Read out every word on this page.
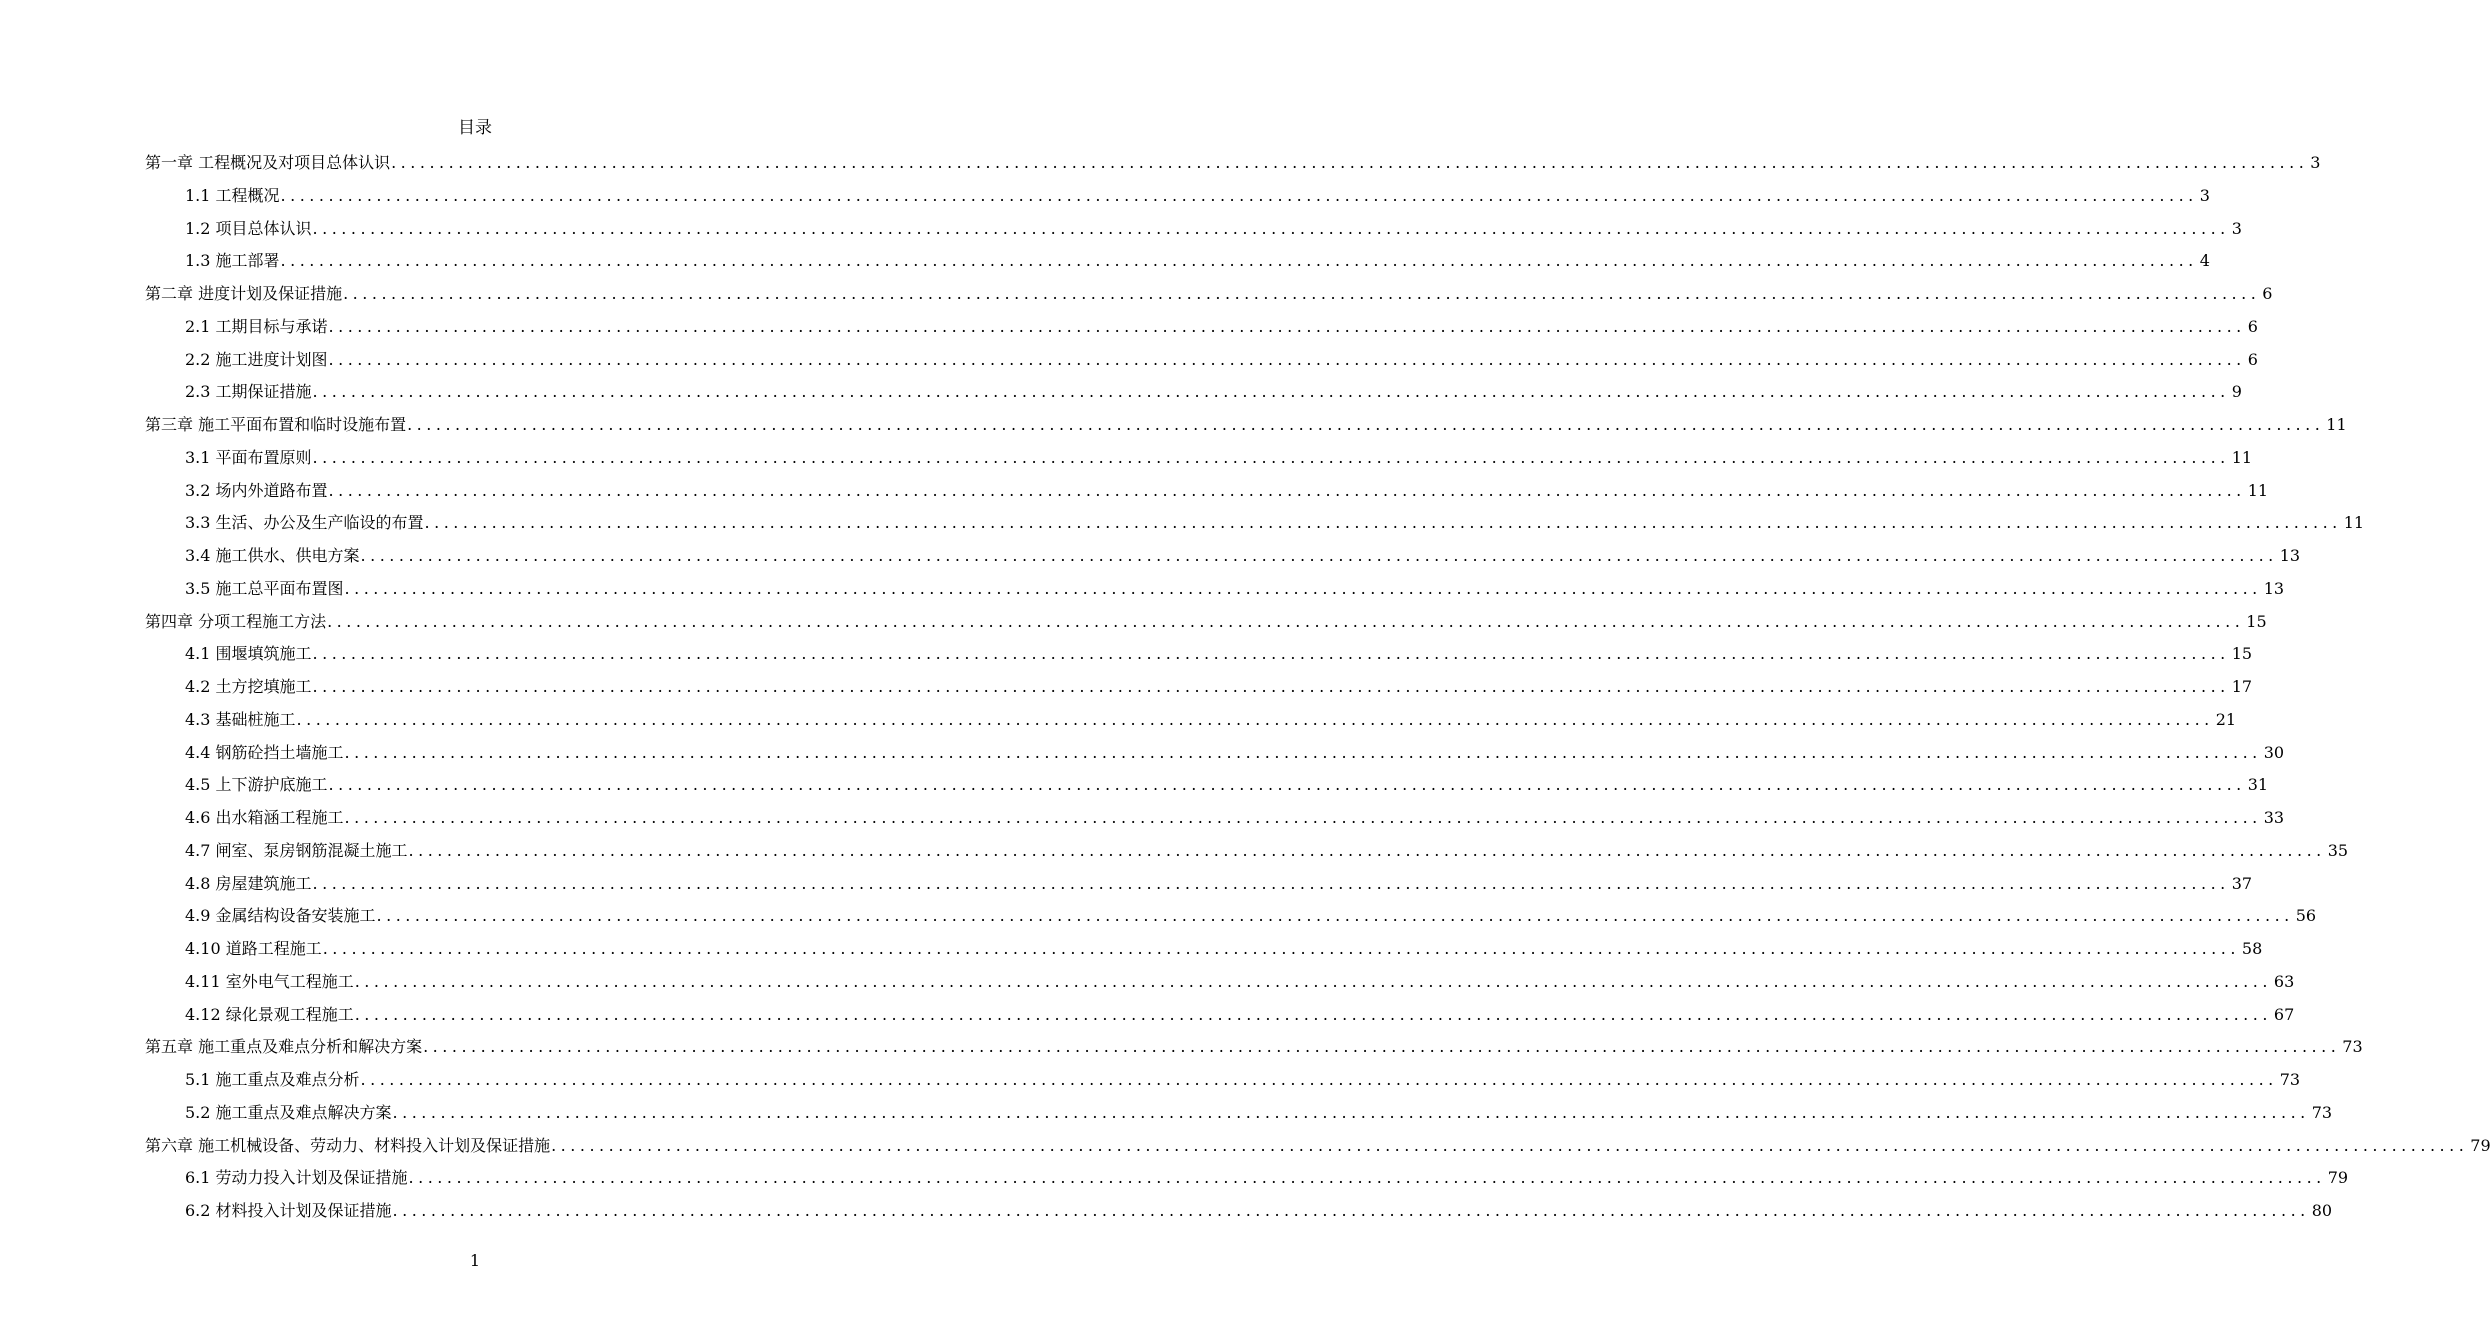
目录
第一章 工程概况及对项目总体认识 ........................................................................................................................................................................................................ 3
1.1 工程概况 ........................................................................................................................................................................................................ 3
1.2 项目总体认识 ........................................................................................................................................................................................................ 3
1.3 施工部署 ........................................................................................................................................................................................................ 4
第二章 进度计划及保证措施 ........................................................................................................................................................................................................ 6
2.1 工期目标与承诺 ........................................................................................................................................................................................................ 6
2.2 施工进度计划图 ........................................................................................................................................................................................................ 6
2.3 工期保证措施 ........................................................................................................................................................................................................ 9
第三章 施工平面布置和临时设施布置 ........................................................................................................................................................................................................ 11
3.1 平面布置原则 ........................................................................................................................................................................................................ 11
3.2 场内外道路布置 ........................................................................................................................................................................................................ 11
3.3 生活、办公及生产临设的布置 ........................................................................................................................................................................................................ 11
3.4 施工供水、供电方案 ........................................................................................................................................................................................................ 13
3.5 施工总平面布置图 ........................................................................................................................................................................................................ 13
第四章 分项工程施工方法 ........................................................................................................................................................................................................ 15
4.1 围堰填筑施工 ........................................................................................................................................................................................................ 15
4.2 土方挖填施工 ........................................................................................................................................................................................................ 17
4.3 基础桩施工 ........................................................................................................................................................................................................ 21
4.4 钢筋砼挡土墙施工 ........................................................................................................................................................................................................ 30
4.5 上下游护底施工 ........................................................................................................................................................................................................ 31
4.6 出水箱涵工程施工 ........................................................................................................................................................................................................ 33
4.7 闸室、泵房钢筋混凝土施工 ........................................................................................................................................................................................................ 35
4.8 房屋建筑施工 ........................................................................................................................................................................................................ 37
4.9 金属结构设备安装施工 ........................................................................................................................................................................................................ 56
4.10 道路工程施工 ........................................................................................................................................................................................................ 58
4.11 室外电气工程施工 ........................................................................................................................................................................................................ 63
4.12 绿化景观工程施工 ........................................................................................................................................................................................................ 67
第五章 施工重点及难点分析和解决方案 ........................................................................................................................................................................................................ 73
5.1 施工重点及难点分析 ........................................................................................................................................................................................................ 73
5.2 施工重点及难点解决方案 ........................................................................................................................................................................................................ 73
第六章 施工机械设备、劳动力、材料投入计划及保证措施 ........................................................................................................................................................................................................ 79
6.1 劳动力投入计划及保证措施 ........................................................................................................................................................................................................ 79
6.2 材料投入计划及保证措施 ........................................................................................................................................................................................................ 80
1
